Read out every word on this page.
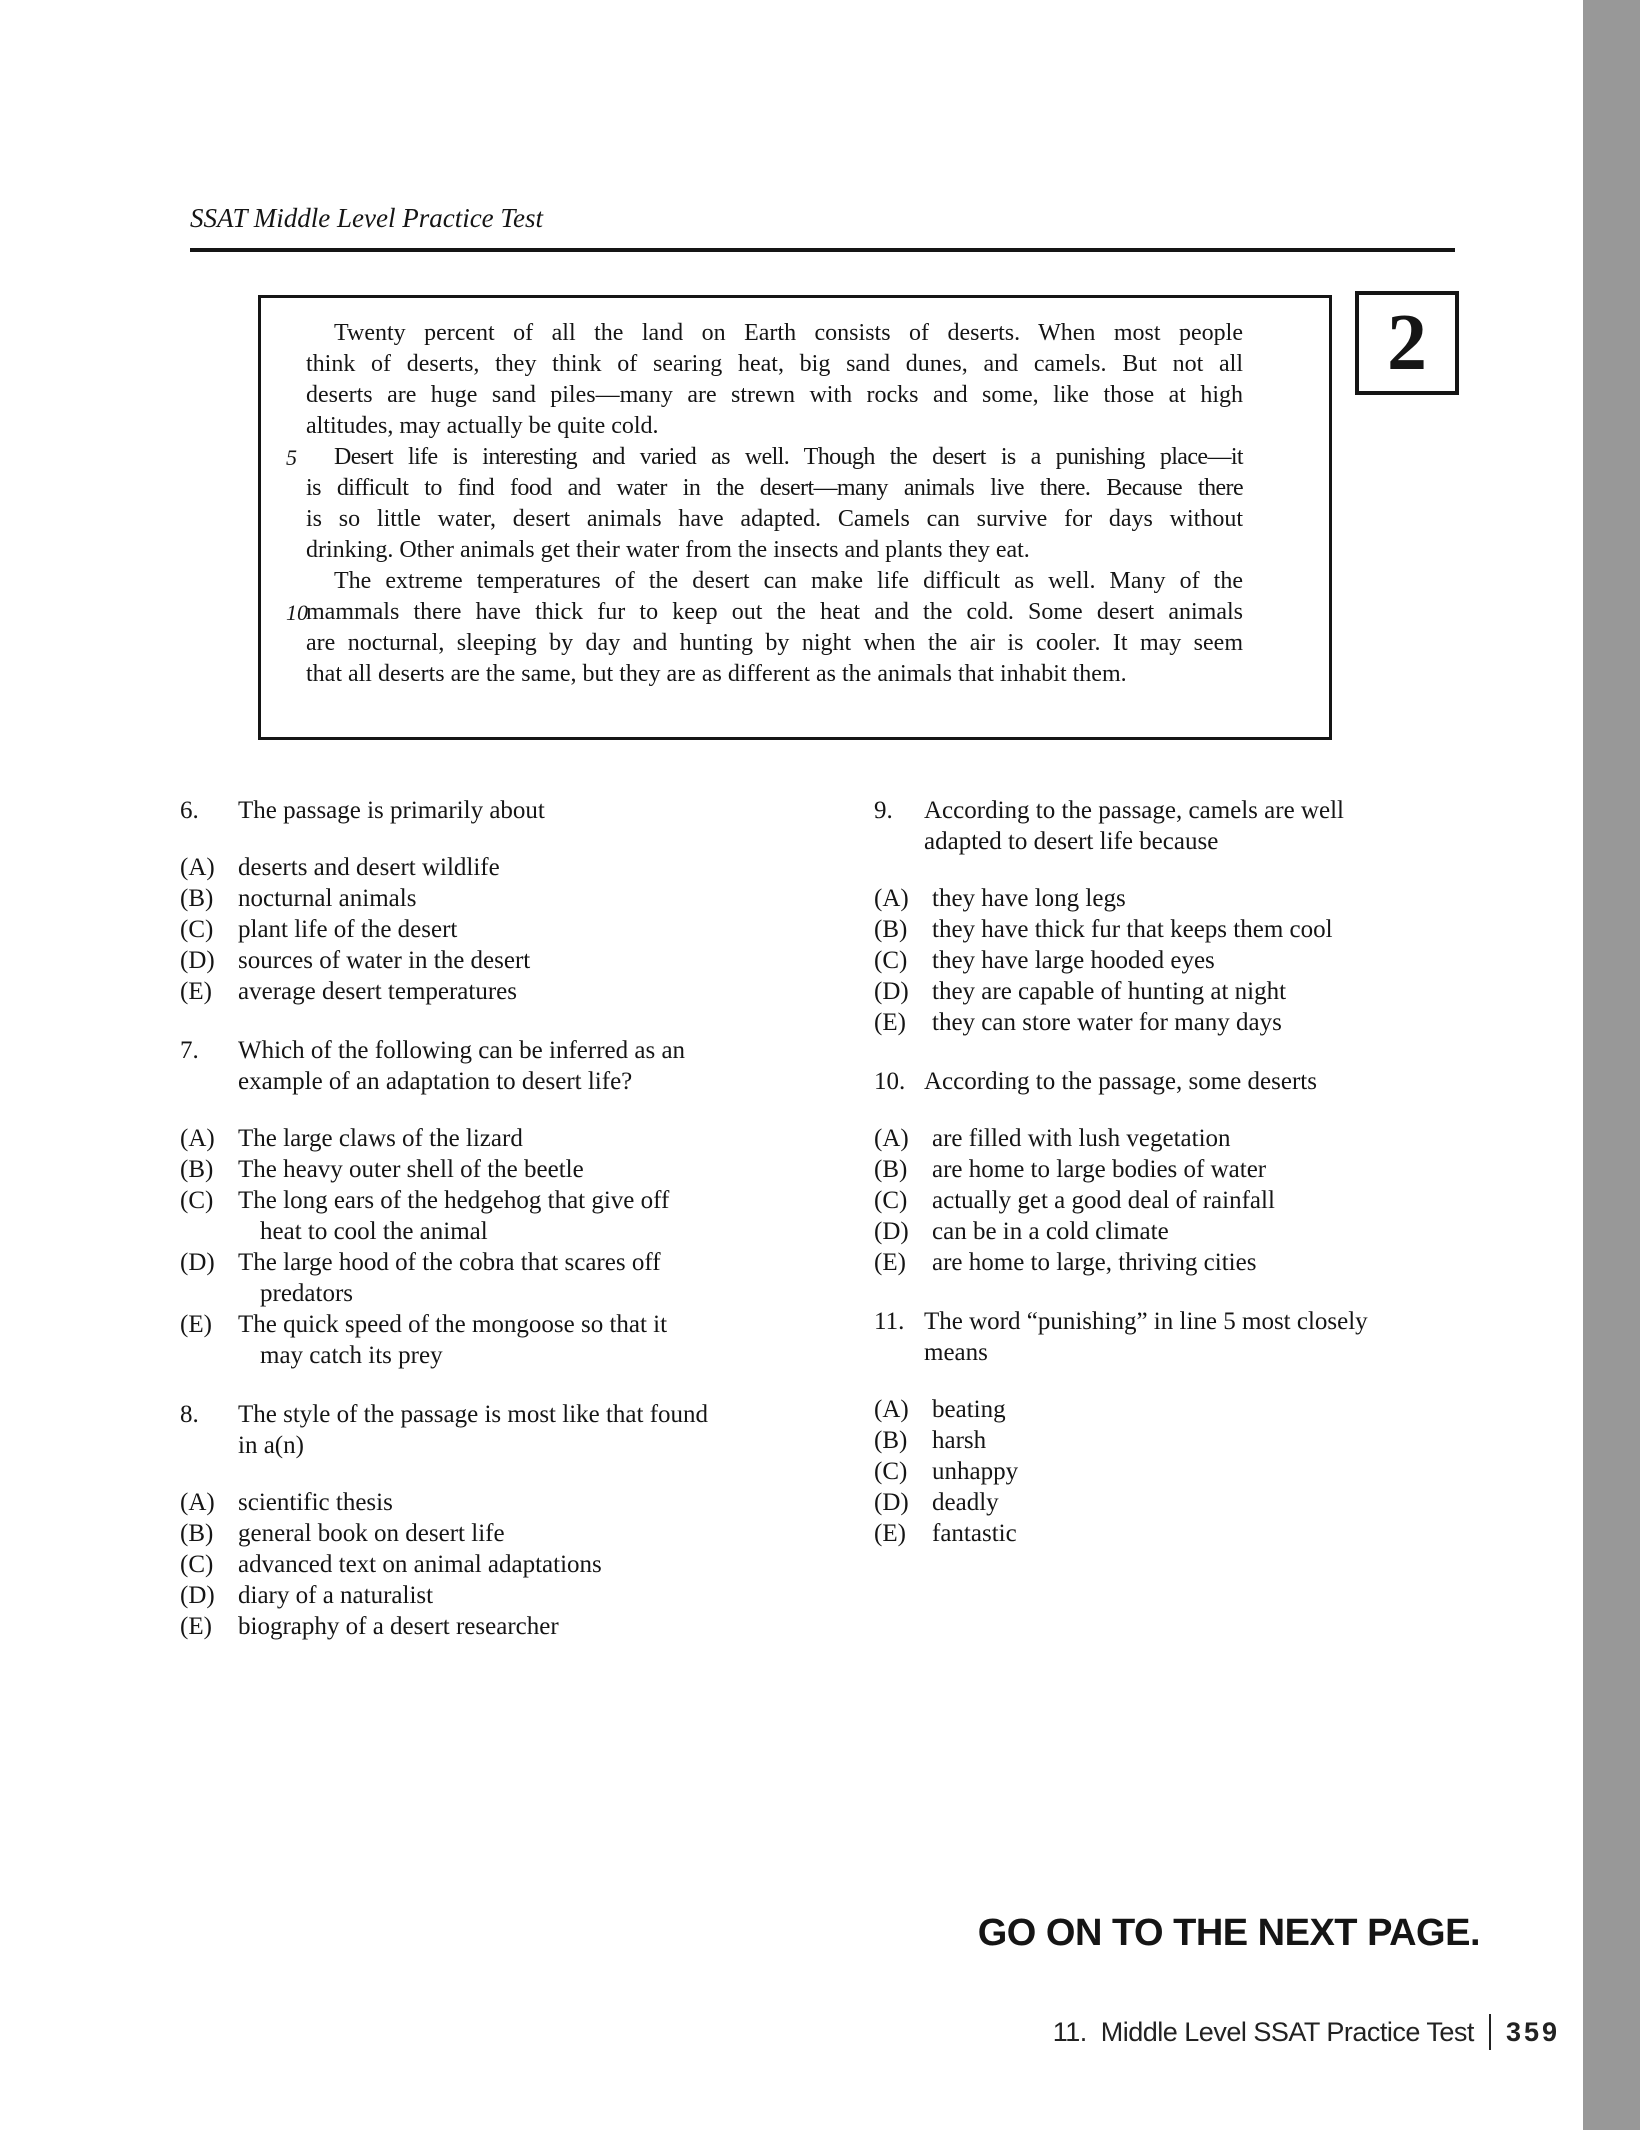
SSAT Middle Level Practice Test
2
Twenty percent of all the land on Earth consists of deserts. When most people
think of deserts, they think of searing heat, big sand dunes, and camels. But not all
deserts are huge sand piles—many are strewn with rocks and some, like those at high
altitudes, may actually be quite cold.
5 Desert life is interesting and varied as well. Though the desert is a punishing place—it
is difficult to find food and water in the desert—many animals live there. Because there
is so little water, desert animals have adapted. Camels can survive for days without
drinking. Other animals get their water from the insects and plants they eat.
The extreme temperatures of the desert can make life difficult as well. Many of the
10
mammals there have thick fur to keep out the heat and the cold. Some desert animals
are nocturnal, sleeping by day and hunting by night when the air is cooler. It may seem
that all deserts are the same, but they are as different as the animals that inhabit them.
6.	The passage is primarily about
(A) deserts and desert wildlife
(B) nocturnal animals
(C) plant life of the desert
(D) sources of water in the desert
(E)	average desert temperatures
7.	Which of the following can be inferred as an
example of an adaptation to desert life?
(A) The large claws of the lizard
(B) The heavy outer shell of the beetle
(C) The long ears of the hedgehog that give off
heat to cool the animal
(D) The large hood of the cobra that scares off
predators
(E)	The quick speed of the mongoose so that it
may catch its prey
8.	The style of the passage is most like that found
in a(n)
(A) scientific thesis
(B) general book on desert life
(C) advanced text on animal adaptations
(D) diary of a naturalist
(E)	biography of a desert researcher
9.	According to the passage, camels are well
adapted to desert life because
(A) they have long legs
(B) they have thick fur that keeps them cool
(C) they have large hooded eyes
(D) they are capable of hunting at night
(E)	they can store water for many days
10. According to the passage, some deserts
(A) are filled with lush vegetation
(B) are home to large bodies of water
(C) actually get a good deal of rainfall
(D) can be in a cold climate
(E)	are home to large, thriving cities
11. The word “punishing” in line 5 most closely
means
(A) beating
(B) harsh
(C) unhappy
(D) deadly
(E)	fantastic
GO ON TO THE NEXT PAGE.
11.  Middle Level SSAT Practice Test 359
